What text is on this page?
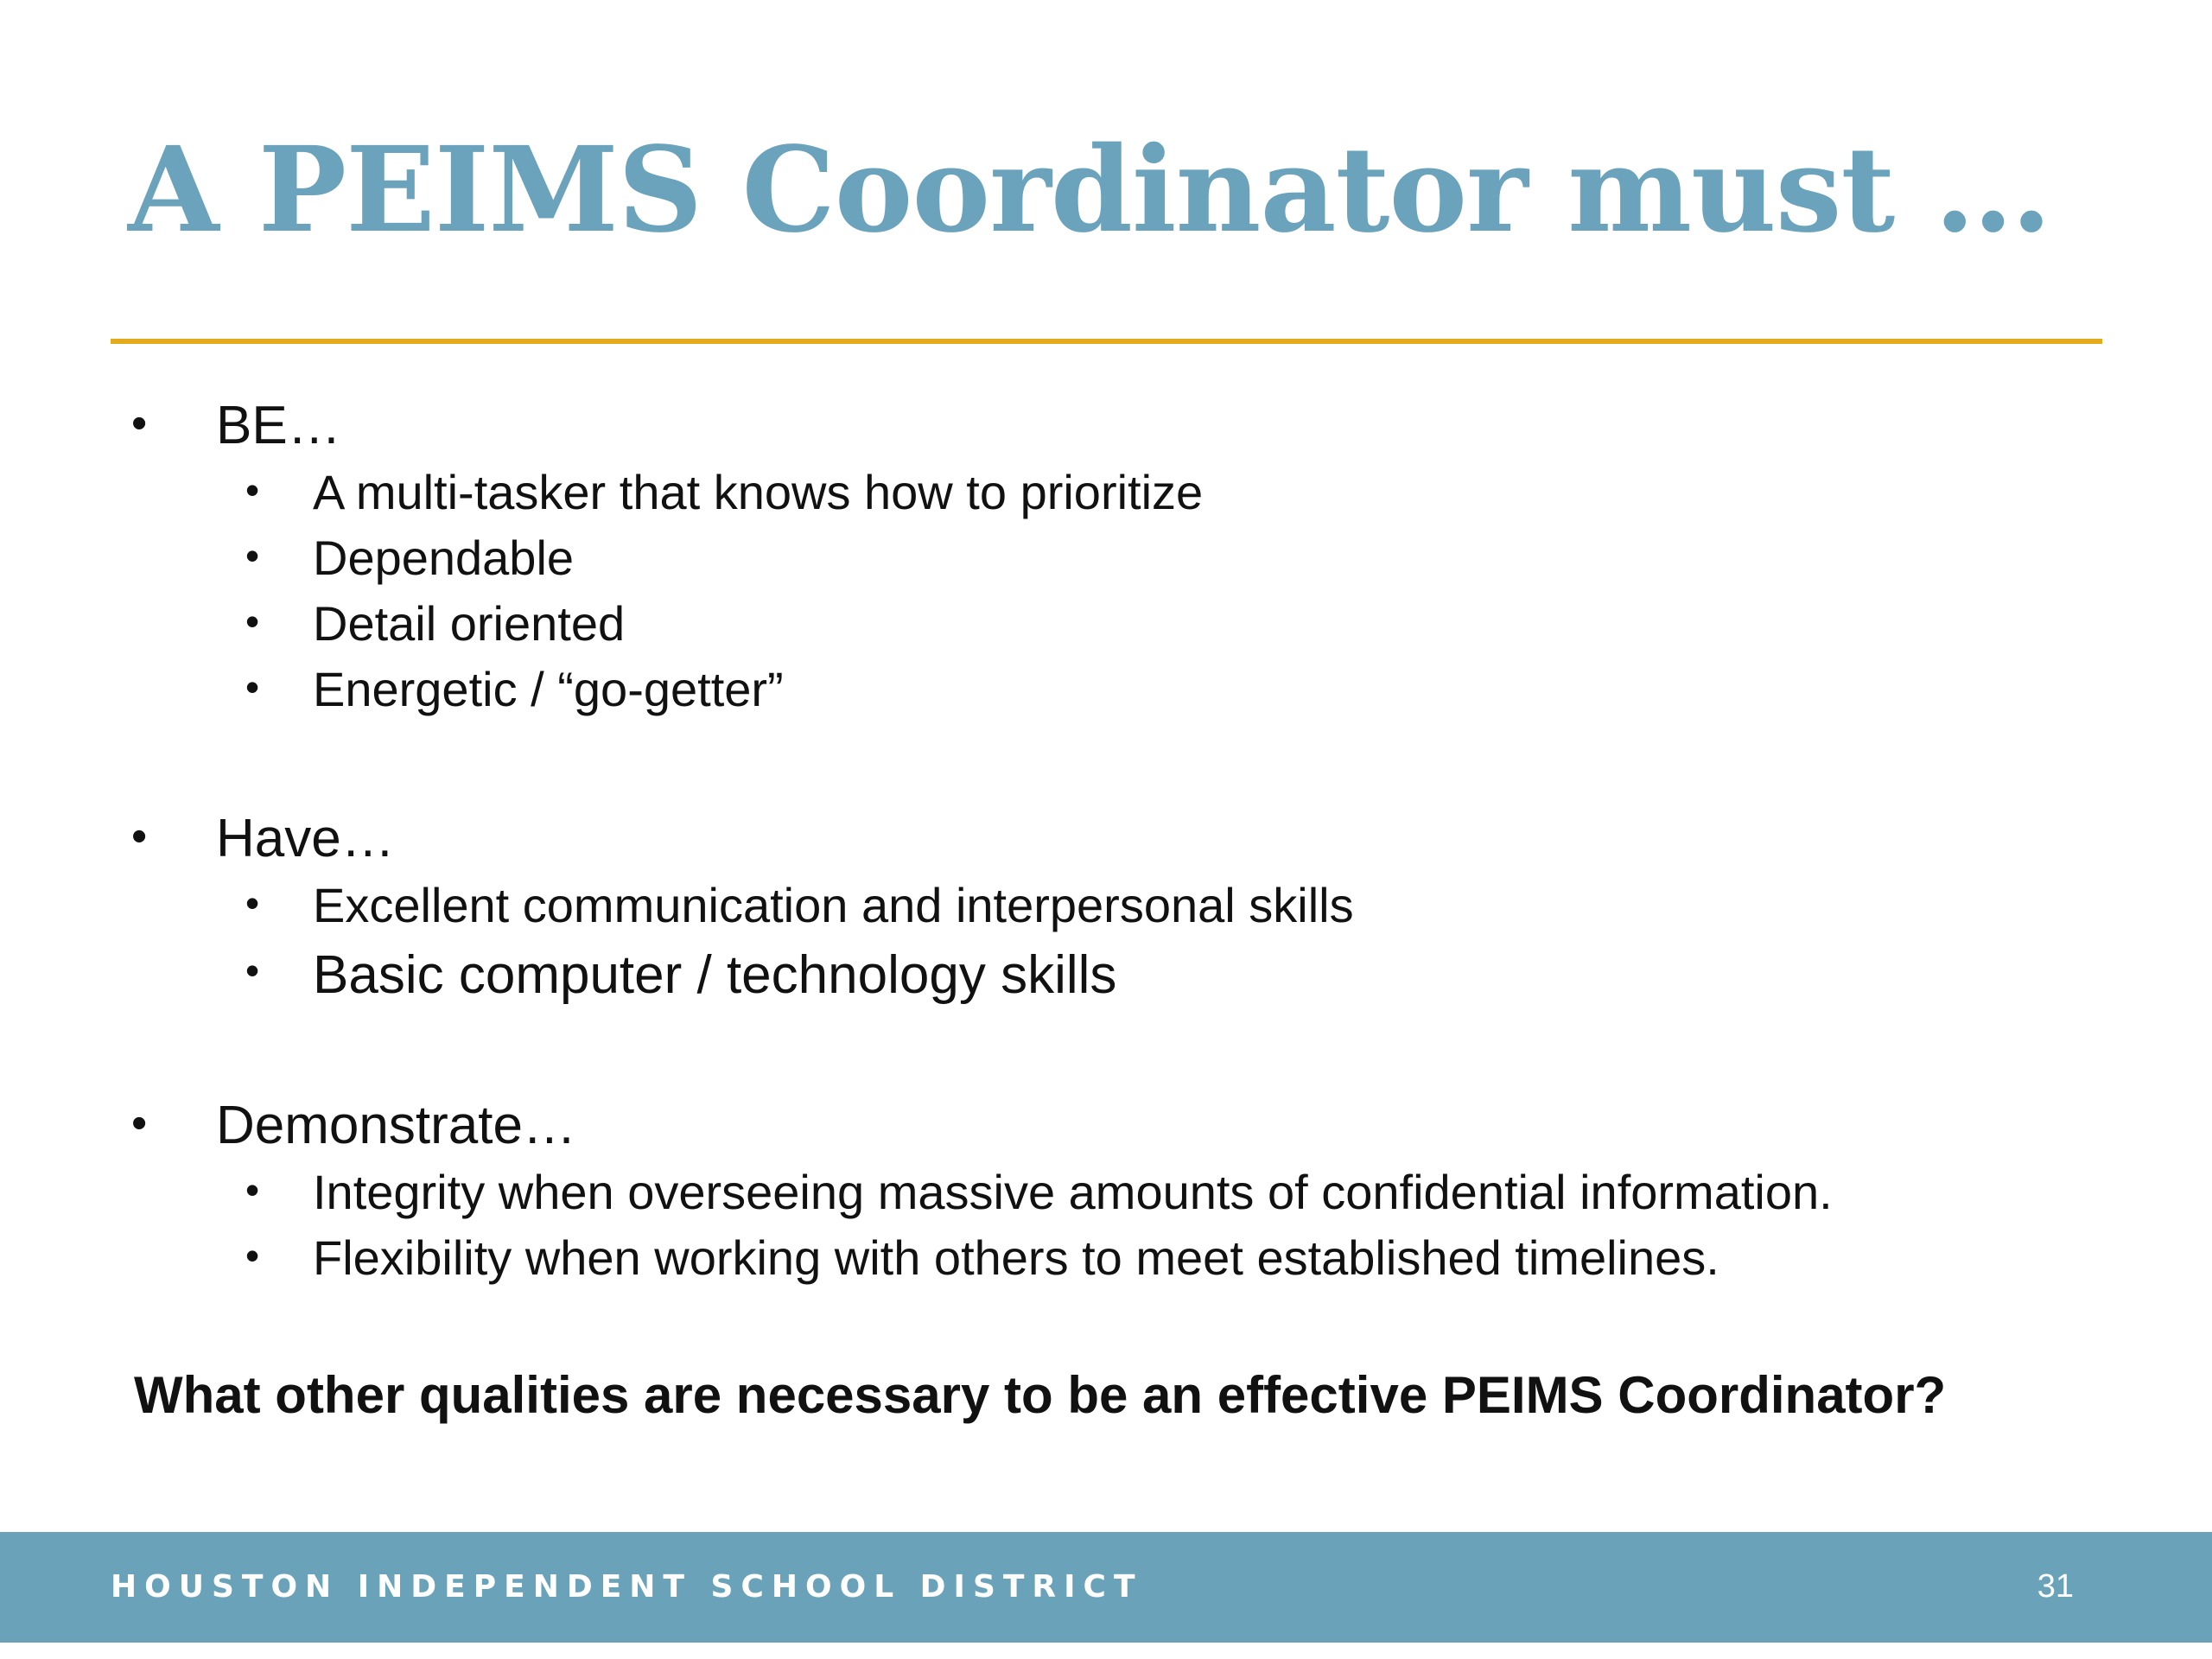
A PEIMS Coordinator must …
• BE…
• A multi-tasker that knows how to prioritize
• Dependable
• Detail oriented
• Energetic / “go-getter”
• Have…
• Excellent communication and interpersonal skills
• Basic computer / technology skills
• Demonstrate…
• Integrity when overseeing massive amounts of confidential information.
• Flexibility when working with others to meet established timelines.
What other qualities are necessary to be an effective PEIMS Coordinator?
HOUSTON INDEPENDENT SCHOOL DISTRICT	31
